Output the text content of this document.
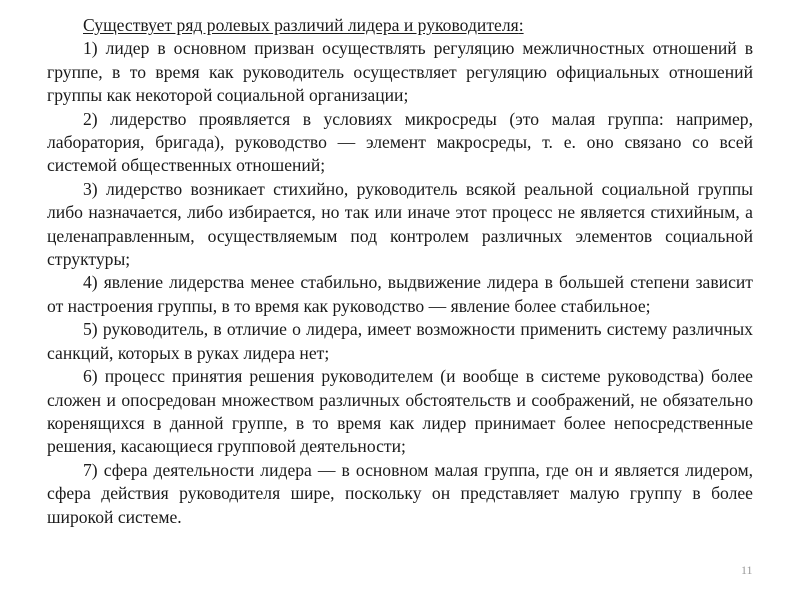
Существует ряд ролевых различий лидера и руководителя:

1) лидер в основном призван осуществлять регуляцию межличностных отношений в группе, в то время как руководитель осуществляет регуляцию официальных отношений группы как некоторой социальной организации;

2) лидерство проявляется в условиях микросреды (это малая группа: например, лаборатория, бригада), руководство — элемент макросреды, т. е. оно связано со всей системой общественных отношений;

3) лидерство возникает стихийно, руководитель всякой реальной социальной группы либо назначается, либо избирается, но так или иначе этот процесс не является стихийным, а целенаправленным, осуществляемым под контролем различных элементов социальной структуры;

4) явление лидерства менее стабильно, выдвижение лидера в большей степени зависит от настроения группы, в то время как руководство — явление более стабильное;

5) руководитель, в отличие о лидера, имеет возможности применить систему различных санкций, которых в руках лидера нет;

6) процесс принятия решения руководителем (и вообще в системе руководства) более сложен и опосредован множеством различных обстоятельств и соображений, не обязательно коренящихся в данной группе, в то время как лидер принимает более непосредственные решения, касающиеся групповой деятельности;

7) сфера деятельности лидера — в основном малая группа, где он и является лидером, сфера действия руководителя шире, поскольку он представляет малую группу в более широкой системе.

11
